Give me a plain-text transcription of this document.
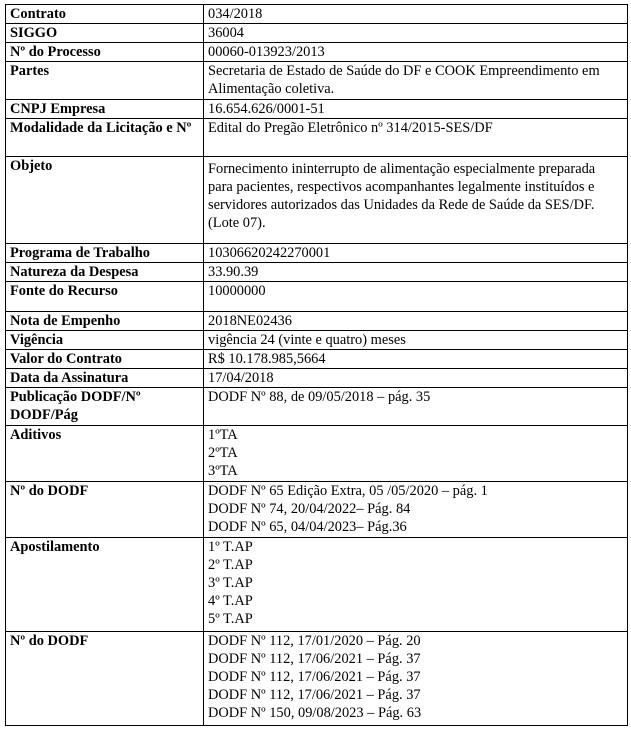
Contrato	034/2018
SIGGO	36004
Nº do Processo	00060-013923/2013
Partes	Secretaria de Estado de Saúde do DF e COOK Empreendimento em Alimentação coletiva.
CNPJ Empresa	16.654.626/0001-51
Modalidade da Licitação e Nº	Edital do Pregão Eletrônico nº 314/2015-SES/DF
Objeto	Fornecimento ininterrupto de alimentação especialmente preparada para pacientes, respectivos acompanhantes legalmente instituídos e servidores autorizados das Unidades da Rede de Saúde da SES/DF. (Lote 07).
Programa de Trabalho	10306620242270001
Natureza da Despesa	33.90.39
Fonte do Recurso	10000000
Nota de Empenho	2018NE02436
Vigência	vigência 24 (vinte e quatro) meses
Valor do Contrato	R$ 10.178.985,5664
Data da Assinatura	17/04/2018
Publicação DODF/Nº DODF/Pág	DODF Nº 88, de 09/05/2018 – pág. 35
Aditivos	1ºTA
2ºTA
3ºTA

Nº do DODF	DODF Nº 65 Edição Extra, 05 /05/2020 – pág. 1
DODF Nº 74, 20/04/2022– Pág. 84
DODF Nº 65, 04/04/2023– Pág.36

Apostilamento	1º T.AP
2º T.AP
3º T.AP
4º T.AP
5º T.AP

Nº do DODF	DODF Nº 112, 17/01/2020 – Pág. 20
DODF Nº 112, 17/06/2021 – Pág. 37
DODF Nº 112, 17/06/2021 – Pág. 37
DODF Nº 112, 17/06/2021 – Pág. 37
DODF Nº 150, 09/08/2023 – Pág. 63
